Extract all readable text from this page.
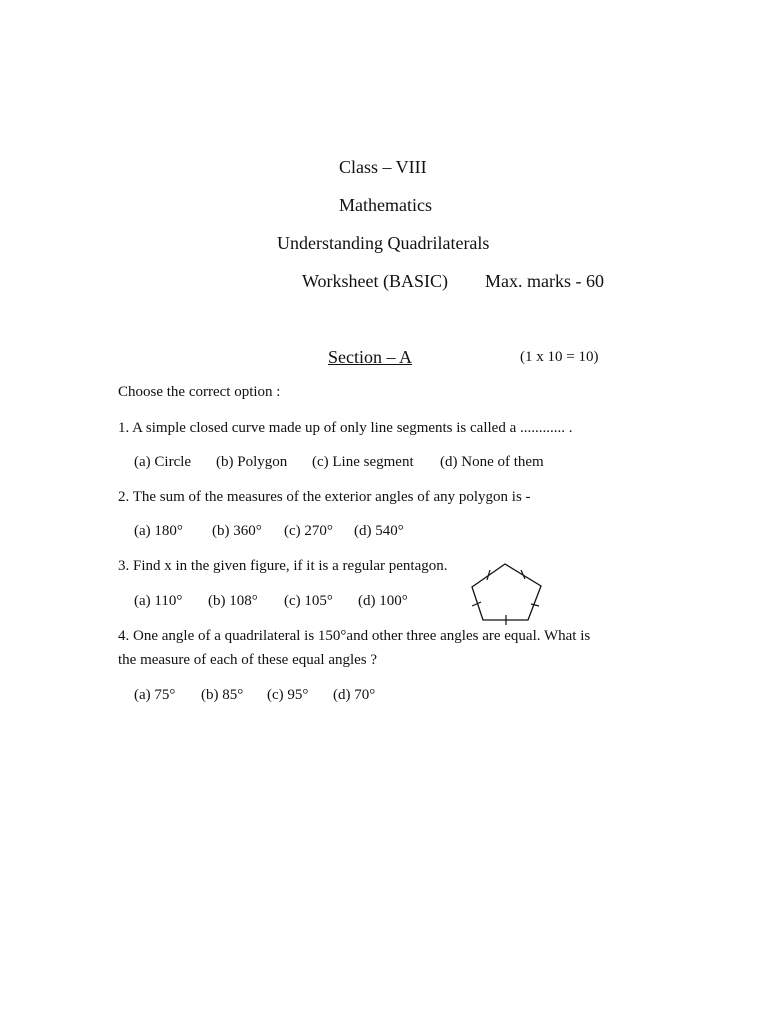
Class – VIII
Mathematics
Understanding Quadrilaterals
Worksheet (BASIC) Max. marks - 60
Section – A	(1 x 10 = 10)
Choose the correct option :
1. A simple closed curve made up of only line segments is called a ............ .
(a) Circle (b) Polygon (c) Line segment (d) None of them
2. The sum of the measures of the exterior angles of any polygon is -
(a) 180° (b) 360° (c) 270° (d) 540°
3. Find x in the given figure, if it is a regular pentagon.
(a) 110° (b) 108° (c) 105° (d) 100°
4. One angle of a quadrilateral is 150°and other three angles are equal. What is
the measure of each of these equal angles ?
(a) 75° (b) 85° (c) 95° (d) 70°
